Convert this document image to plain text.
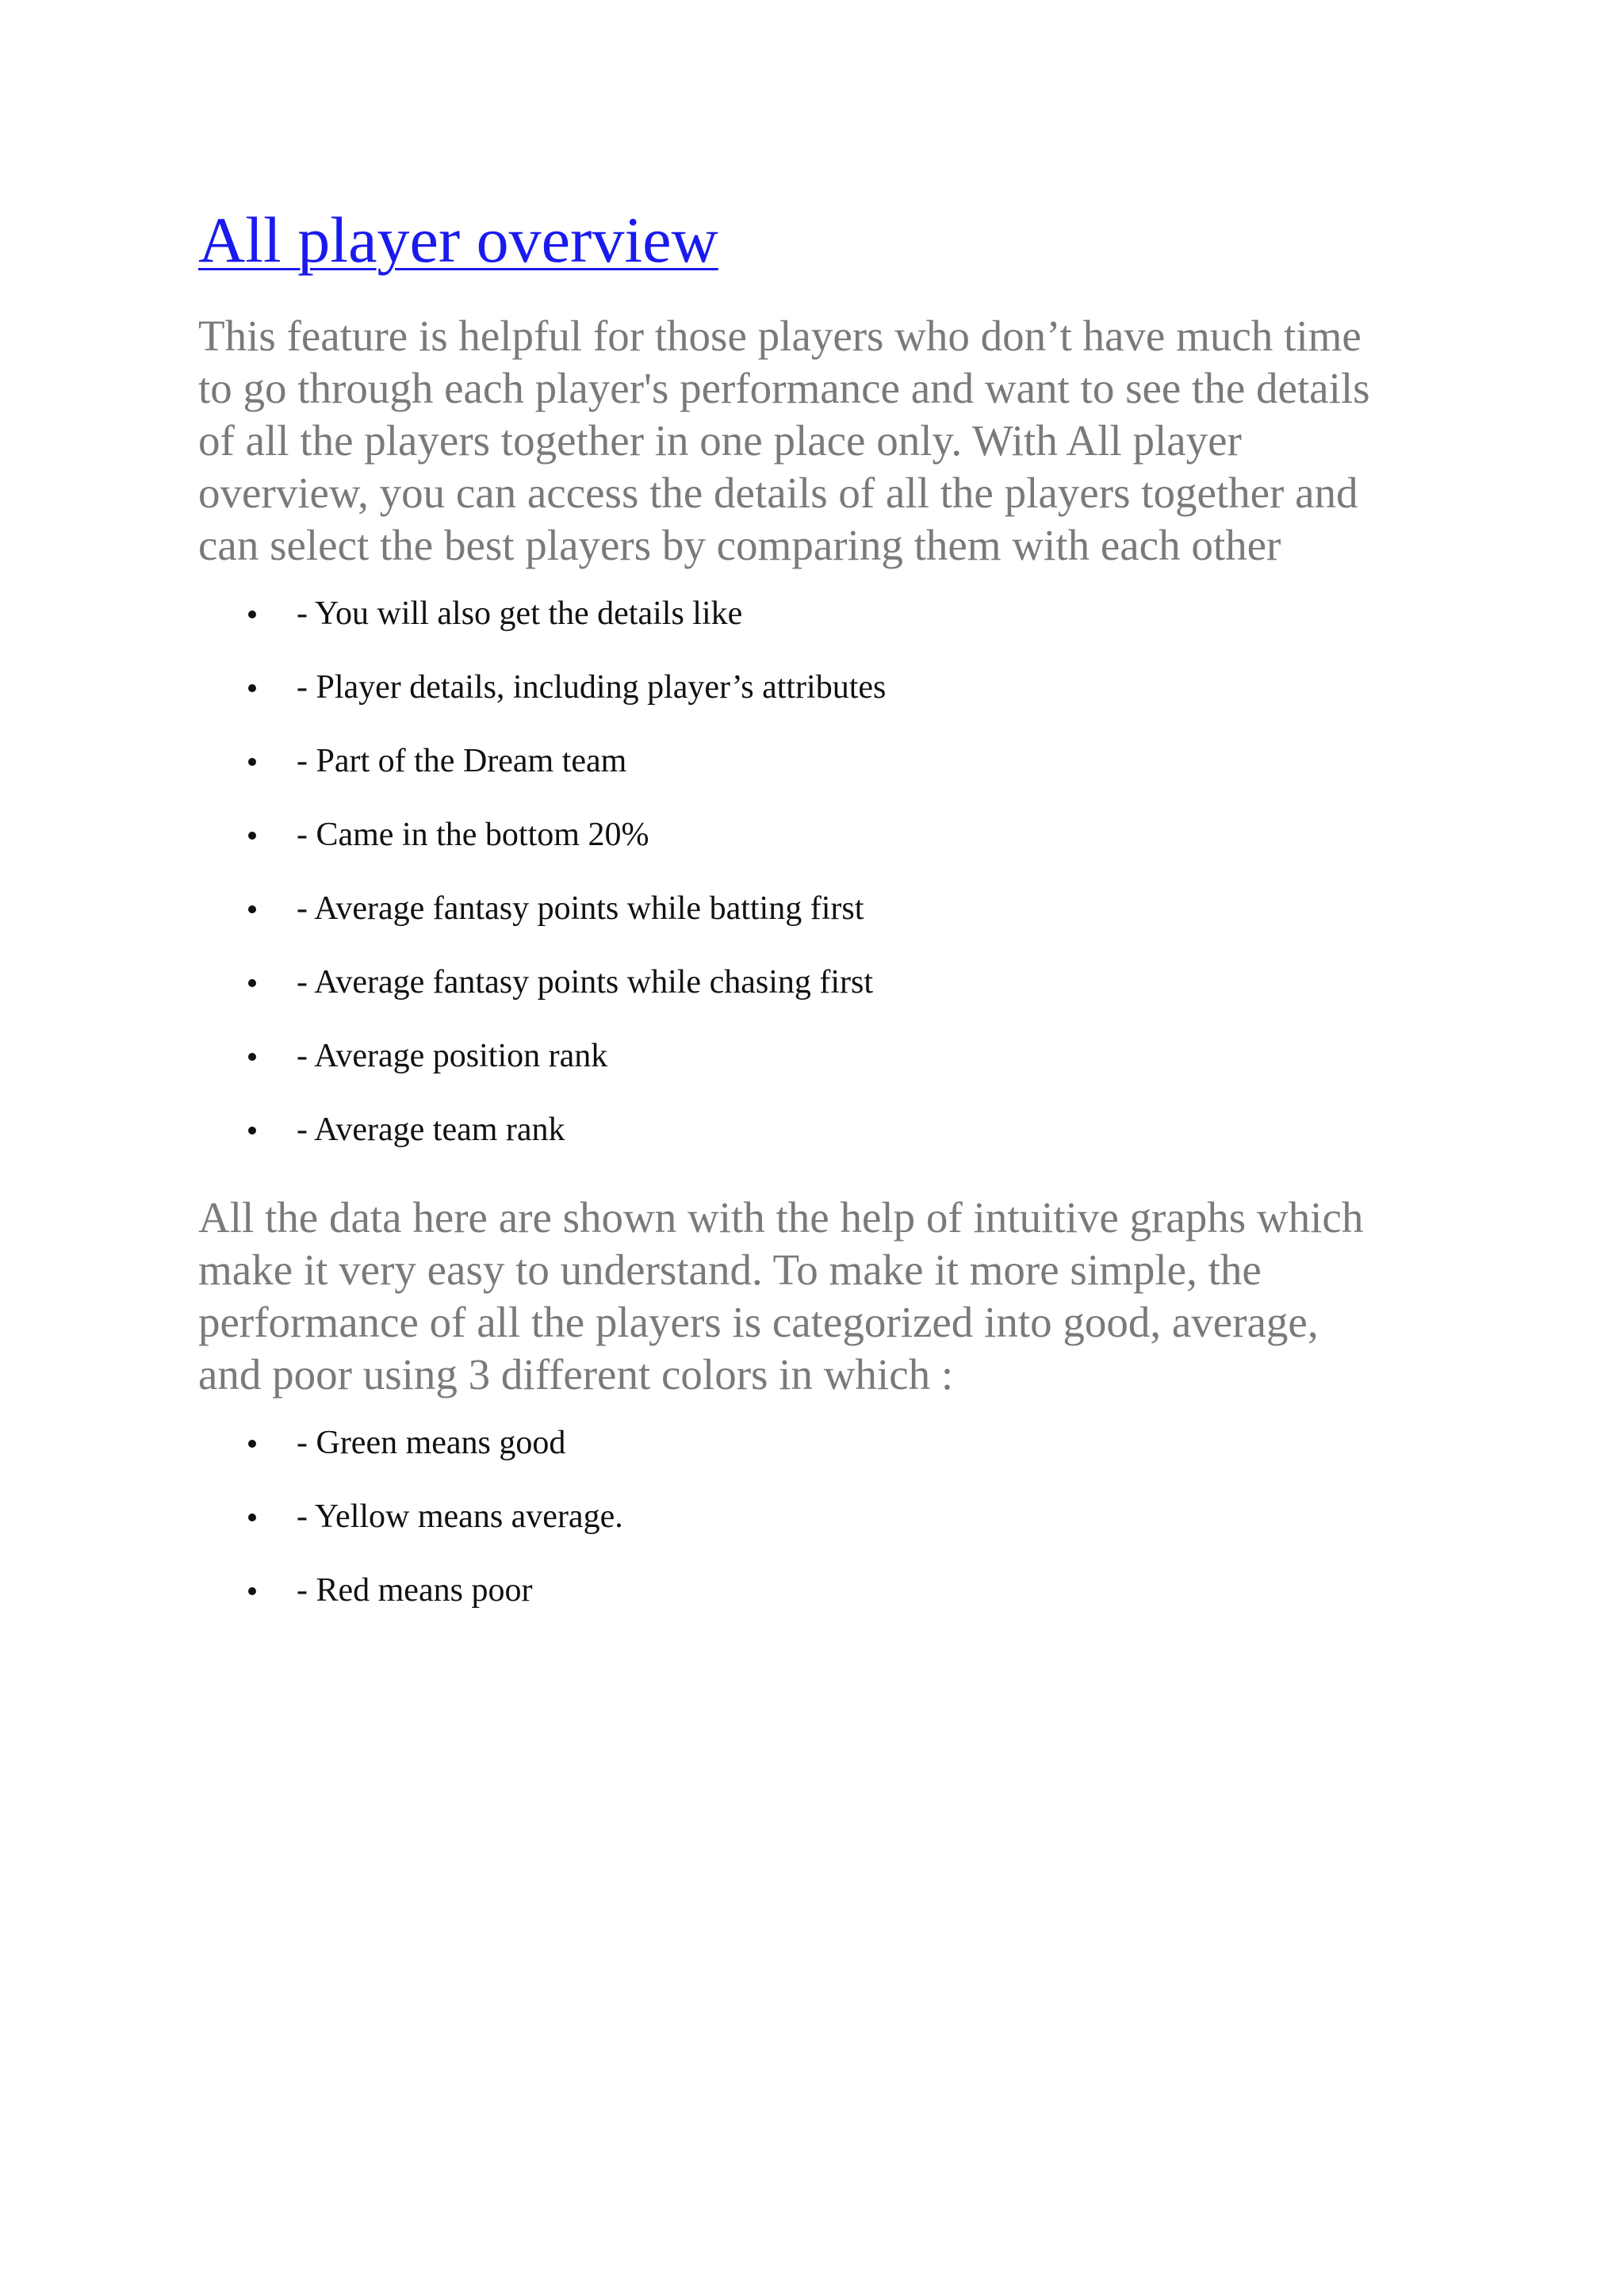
All player overview

This feature is helpful for those players who don’t have much time
to go through each player's performance and want to see the details
of all the players together in one place only. With All player
overview, you can access the details of all the players together and
can select the best players by comparing them with each other

- You will also get the details like
- Player details, including player’s attributes
- Part of the Dream team
- Came in the bottom 20%
- Average fantasy points while batting first
- Average fantasy points while chasing first
- Average position rank
- Average team rank

All the data here are shown with the help of intuitive graphs which
make it very easy to understand. To make it more simple, the
performance of all the players is categorized into good, average,
and poor using 3 different colors in which :

- Green means good
- Yellow means average.
- Red means poor
